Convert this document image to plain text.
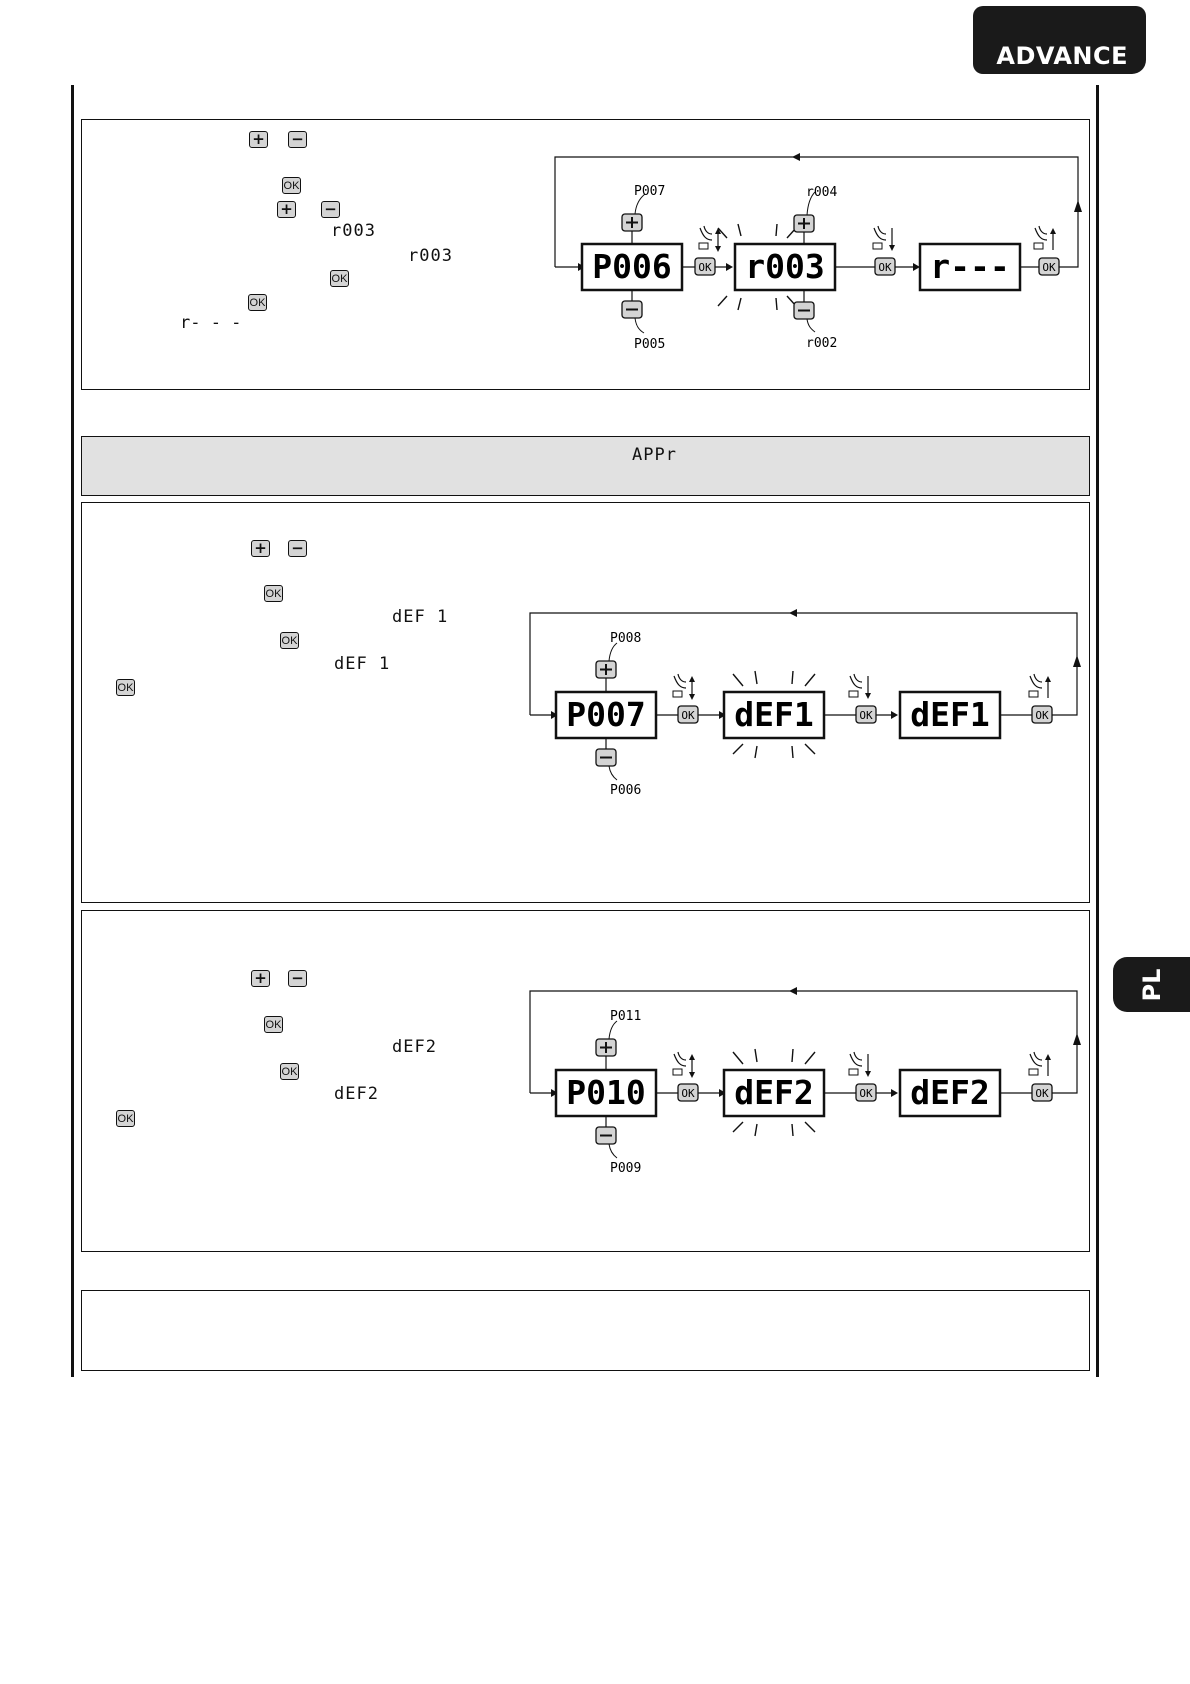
ADVANCE
PL
+ −
OK
+ −
r003
r003
OK
OK
r- - -
P006
P007
P005
OK r003
r004
r002
OK r---	OK
APPr
+ −
OK
dEF 1
OK
dEF 1
OK
P007
P008
P006
OK dEF1	OK dEF1	OK
+ −
OK
dEF2
OK
dEF2
OK
P010
P011
P009
OK dEF2	OK dEF2	OK
